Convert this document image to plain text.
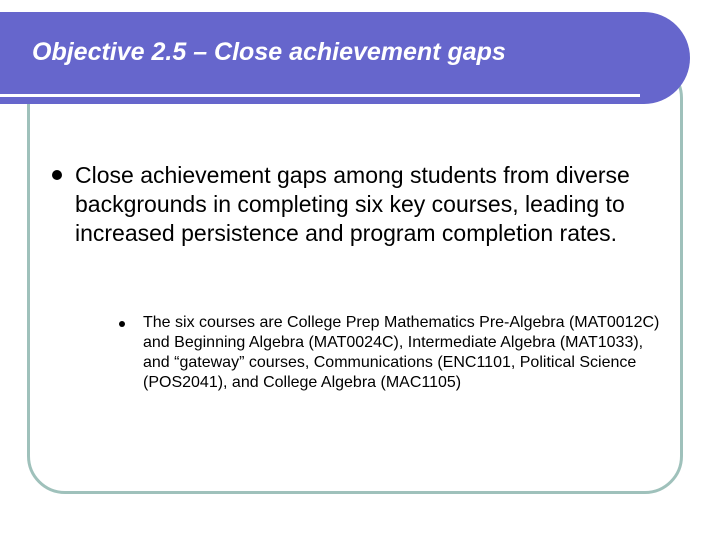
Objective 2.5 – Close achievement gaps

Close achievement gaps among students from diverse backgrounds in completing six key courses, leading to increased persistence and program completion rates.

The six courses are College Prep Mathematics Pre-Algebra (MAT0012C) and Beginning Algebra (MAT0024C), Intermediate Algebra (MAT1033), and “gateway” courses, Communications (ENC1101, Political Science (POS2041), and College Algebra (MAC1105)
